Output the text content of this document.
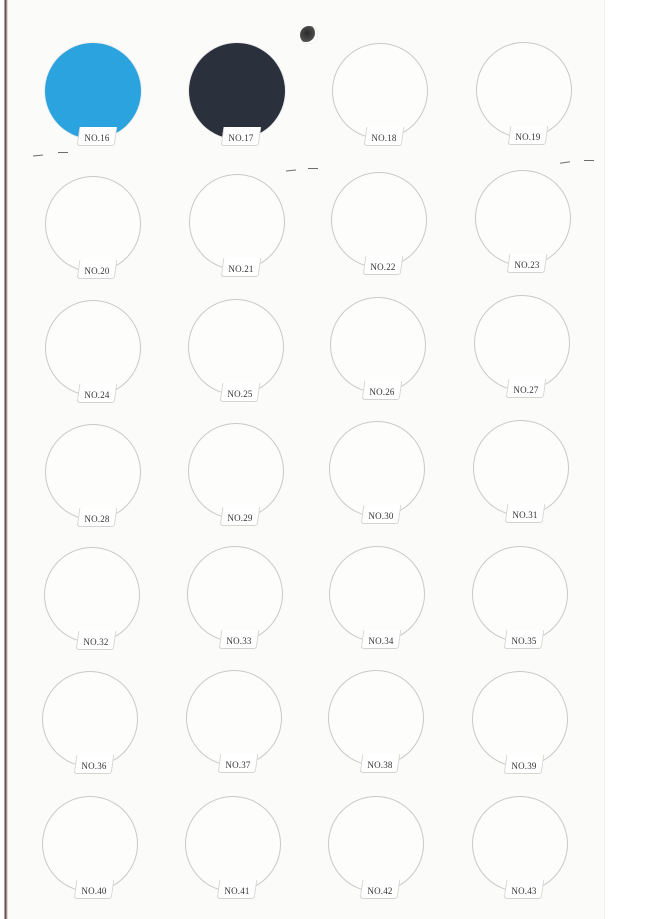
NO.16	NO.17	NO.18	NO.19
NO.20	NO.21	NO.22	NO.23
NO.24	NO.25	NO.26	NO.27
NO.28	NO.29	NO.30	NO.31
NO.32	NO.33	NO.34	NO.35
NO.36	NO.37	NO.38	NO.39
NO.40	NO.41	NO.42	NO.43
